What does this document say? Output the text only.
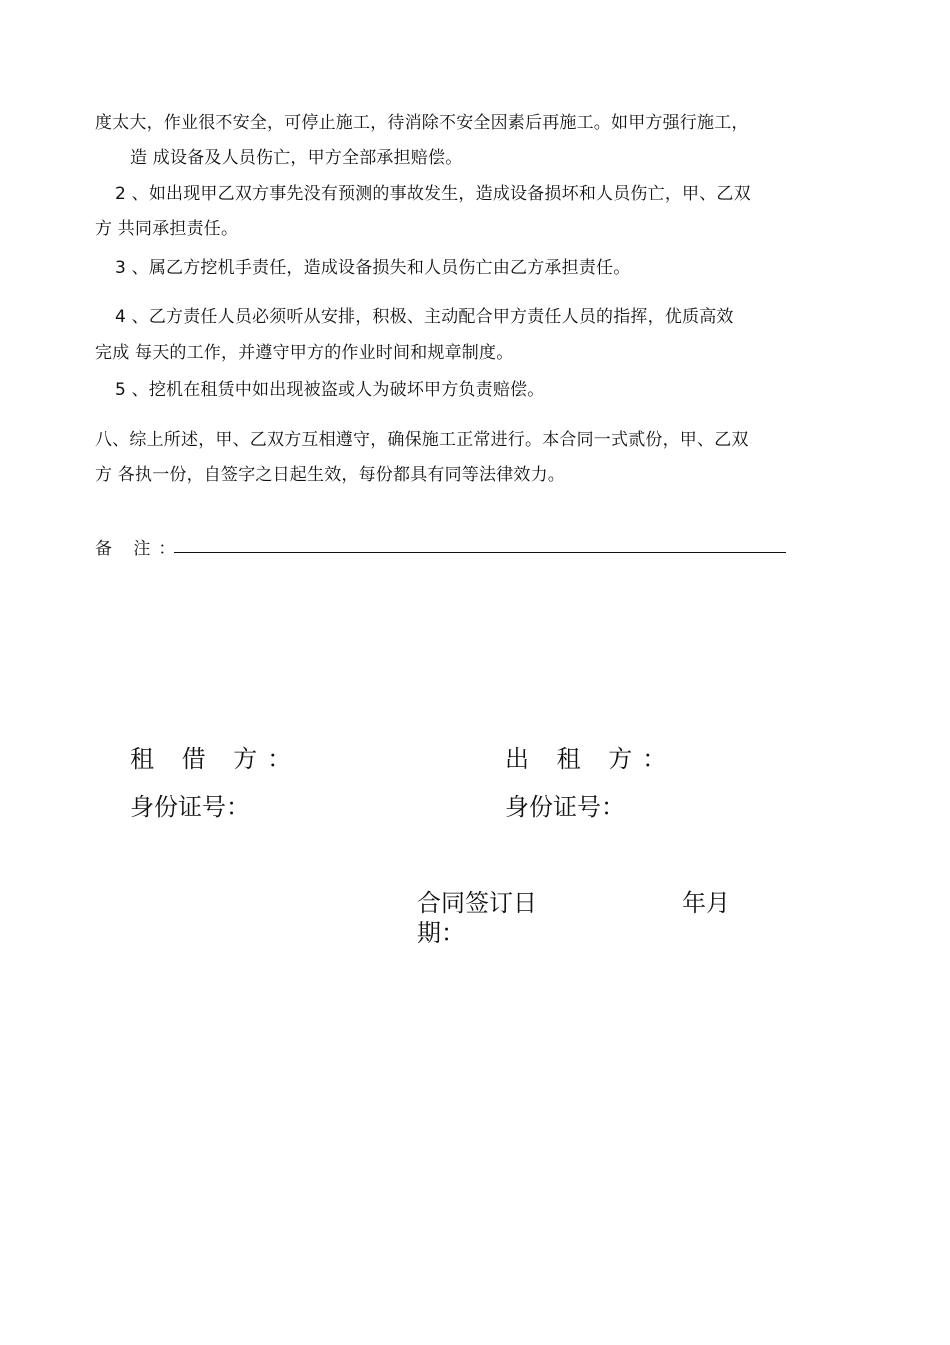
度太大，作业很不安全，可停止施工，待消除不安全因素后再施工。如甲方强行施工，
造 成设备及人员伤亡，甲方全部承担赔偿。
2 、如出现甲乙双方事先没有预测的事故发生，造成设备损坏和人员伤亡，甲、乙双
方 共同承担责任。
3 、属乙方挖机手责任，造成设备损失和人员伤亡由乙方承担责任。
4 、乙方责任人员必须听从安排，积极、主动配合甲方责任人员的指挥，优质高效
完成 每天的工作，并遵守甲方的作业时间和规章制度。
5 、挖机在租赁中如出现被盗或人为破坏甲方负责赔偿。
八、综上所述，甲、乙双方互相遵守，确保施工正常进行。本合同一式贰份，甲、乙双
方 各执一份，自签字之日起生效，每份都具有同等法律效力。
备 注：
租 借 方：
身份证号：
出 租 方：
身份证号：
合同签订日期：
年月
